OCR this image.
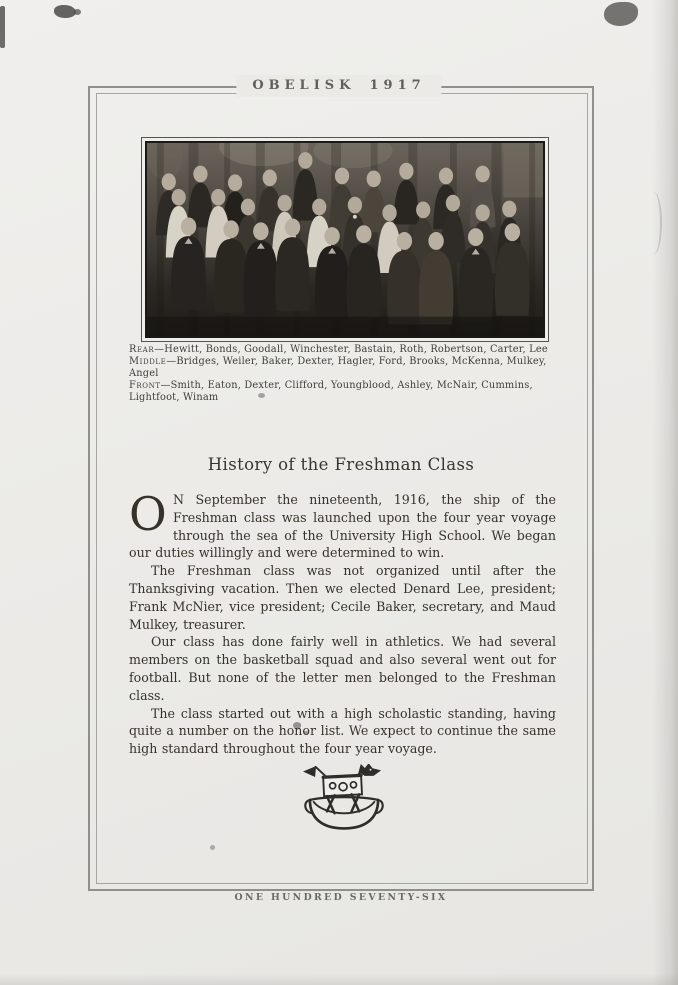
OBELISK 1917
Rear—Hewitt, Bonds, Goodall, Winchester, Bastain, Roth, Robertson, Carter, Lee
Middle—Bridges, Weiler, Baker, Dexter, Hagler, Ford, Brooks, McKenna, Mulkey, Angel
Front—Smith, Eaton, Dexter, Clifford, Youngblood, Ashley, McNair, Cummins, Lightfoot, Winam
History of the Freshman Class

O N September the nineteenth, 1916, the ship of the Freshman class was launched upon the four year voyage through the sea of the University High School. We began our duties willingly and were determined to win.

The Freshman class was not organized until after the Thanksgiving vacation. Then we elected Denard Lee, president; Frank McNier, vice president; Cecile Baker, secretary, and Maud Mulkey, treasurer.

Our class has done fairly well in athletics. We had several members on the basketball squad and also several went out for football. But none of the letter men belonged to the Freshman class.

The class started out with a high scholastic standing, having quite a number on the honor list. We expect to continue the same high standard throughout the four year voyage.

ONE HUNDRED SEVENTY-SIX
